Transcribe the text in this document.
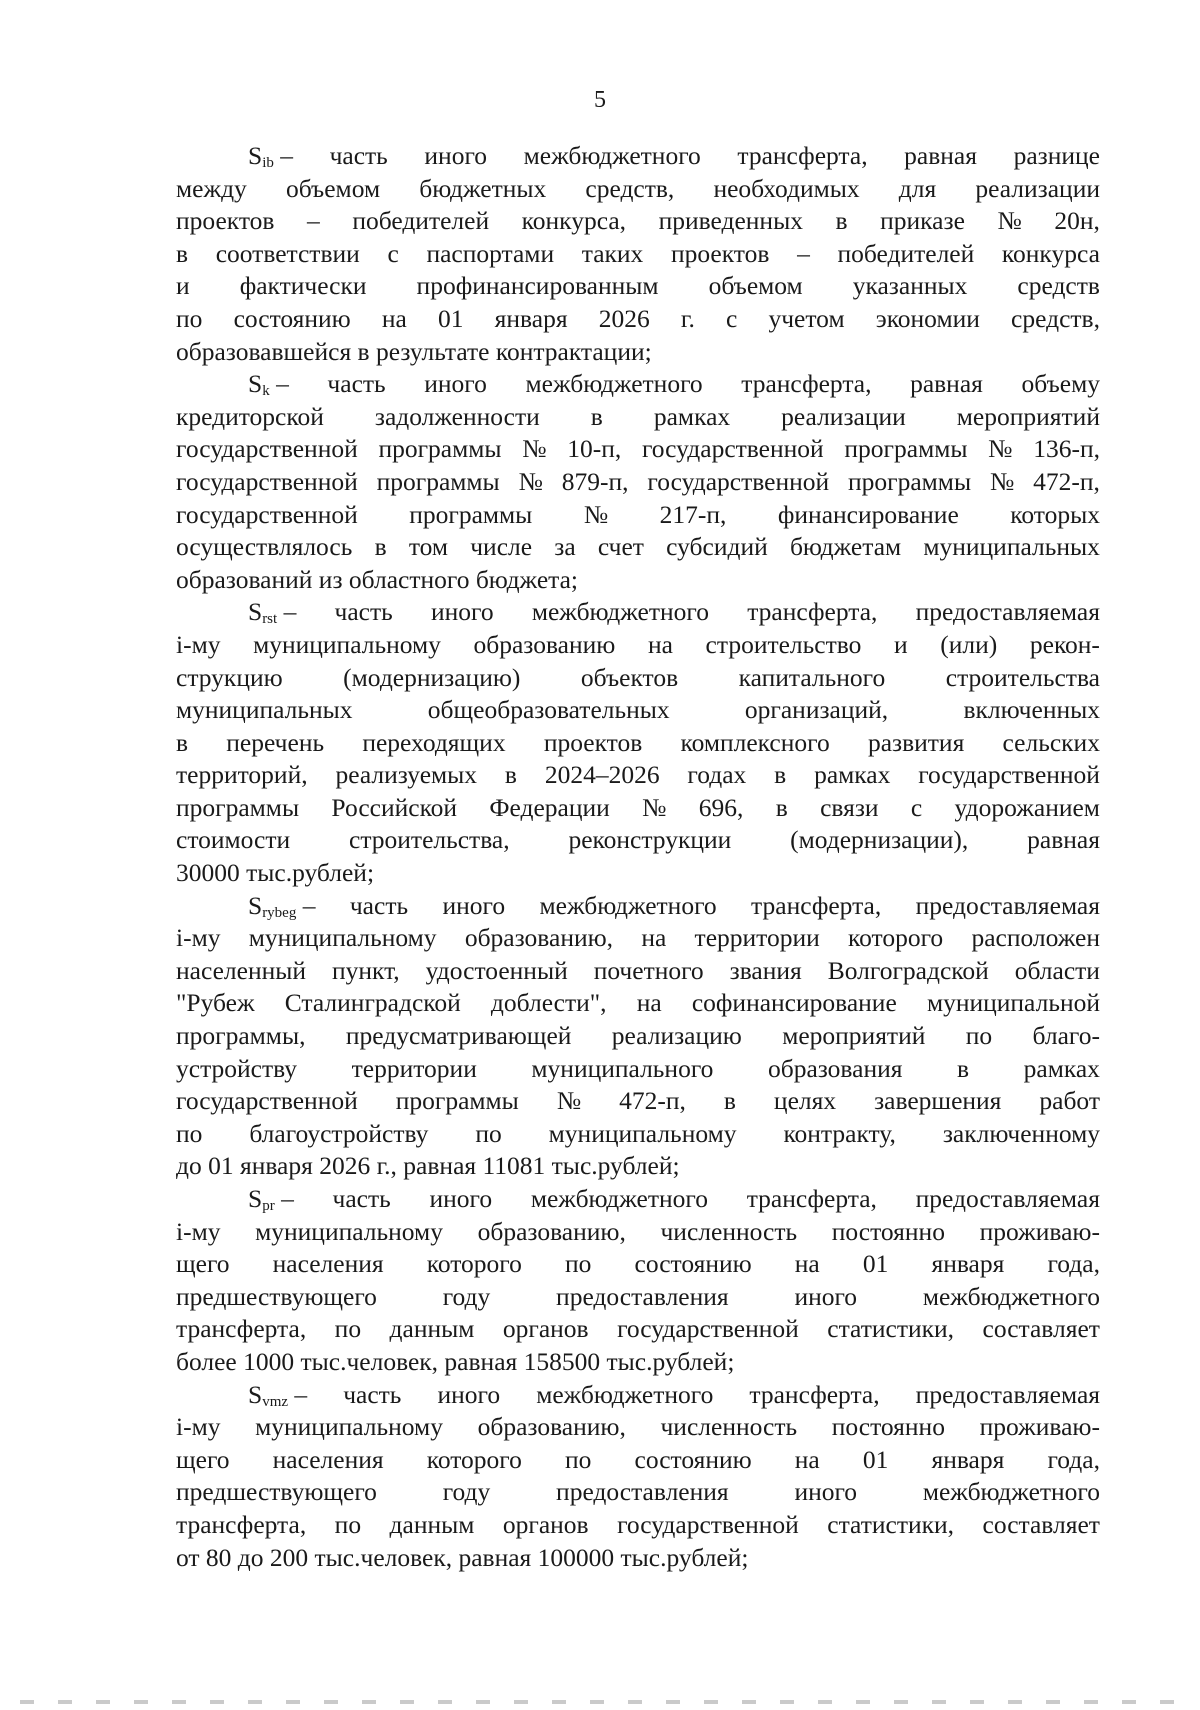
5
$S_{ib}$ – часть иного межбюджетного трансферта, равная разнице
между объемом бюджетных средств, необходимых для реализации
проектов – победителей конкурса, приведенных в приказе № 20н,
в соответствии с паспортами таких проектов – победителей конкурса
и фактически профинансированным объемом указанных средств
по состоянию на 01 января 2026 г. с учетом экономии средств,
образовавшейся в результате контрактации;
$S_k$ – часть иного межбюджетного трансферта, равная объему
кредиторской задолженности в рамках реализации мероприятий
государственной программы № 10-п, государственной программы № 136-п,
государственной программы № 879-п, государственной программы № 472-п,
государственной программы № 217-п, финансирование которых
осуществлялось в том числе за счет субсидий бюджетам муниципальных
образований из областного бюджета;
$S_{rst}$ – часть иного межбюджетного трансферта, предоставляемая
i-му муниципальному образованию на строительство и (или) рекон-
струкцию (модернизацию) объектов капитального строительства
муниципальных	общеобразовательных	организаций,	включенных
в перечень переходящих проектов комплексного развития сельских
территорий, реализуемых в 2024–2026 годах в рамках государственной
программы Российской Федерации № 696, в связи с удорожанием
стоимости строительства, реконструкции (модернизации), равная
30000 тыс.рублей;
$S_{rybeg}$ – часть иного межбюджетного трансферта, предоставляемая
i-му муниципальному образованию, на территории которого расположен
населенный пункт, удостоенный почетного звания Волгоградской области
"Рубеж Сталинградской доблести", на софинансирование муниципальной
программы, предусматривающей реализацию мероприятий по благо-
устройству территории муниципального образования в рамках
государственной программы № 472-п, в целях завершения работ
по благоустройству по муниципальному контракту, заключенному
до 01 января 2026 г., равная 11081 тыс.рублей;
$S_{pr}$ – часть иного межбюджетного трансферта, предоставляемая
i-му муниципальному образованию, численность постоянно проживаю-
щего населения которого по состоянию на 01 января года,
предшествующего	году	предоставления	иного	межбюджетного
трансферта, по данным органов государственной статистики, составляет
более 1000 тыс.человек, равная 158500 тыс.рублей;
$S_{vmz}$ – часть иного межбюджетного трансферта, предоставляемая
i-му муниципальному образованию, численность постоянно проживаю-
щего населения которого по состоянию на 01 января года,
предшествующего	году	предоставления	иного	межбюджетного
трансферта, по данным органов государственной статистики, составляет
от 80 до 200 тыс.человек, равная 100000 тыс.рублей;
